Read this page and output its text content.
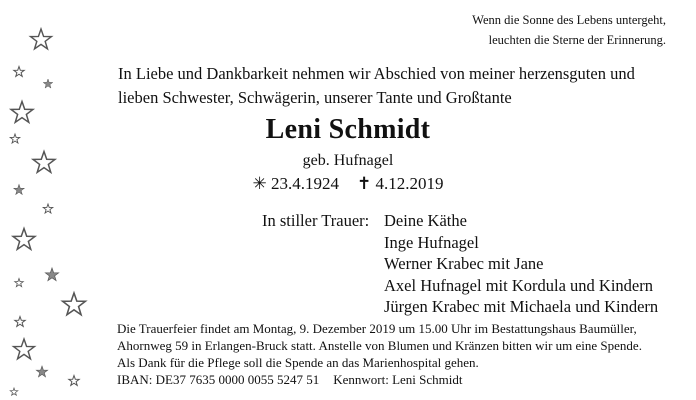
Wenn die Sonne des Lebens untergeht,
leuchten die Sterne der Erinnerung.
In Liebe und Dankbarkeit nehmen wir Abschied von meiner herzensguten und
lieben Schwester, Schwägerin, unserer Tante und Großtante
Leni Schmidt
geb. Hufnagel
✳ 23.4.1924 ✝ 4.12.2019
In stiller Trauer: Deine Käthe
Inge Hufnagel
Werner Krabec mit Jane
Axel Hufnagel mit Kordula und Kindern
Jürgen Krabec mit Michaela und Kindern
Die Trauerfeier findet am Montag, 9. Dezember 2019 um 15.00 Uhr im Bestattungshaus Baumüller,
Ahornweg 59 in Erlangen-Bruck statt. Anstelle von Blumen und Kränzen bitten wir um eine Spende.
Als Dank für die Pflege soll die Spende an das Marienhospital gehen.
IBAN: DE37 7635 0000 0055 5247 51 Kennwort: Leni Schmidt
